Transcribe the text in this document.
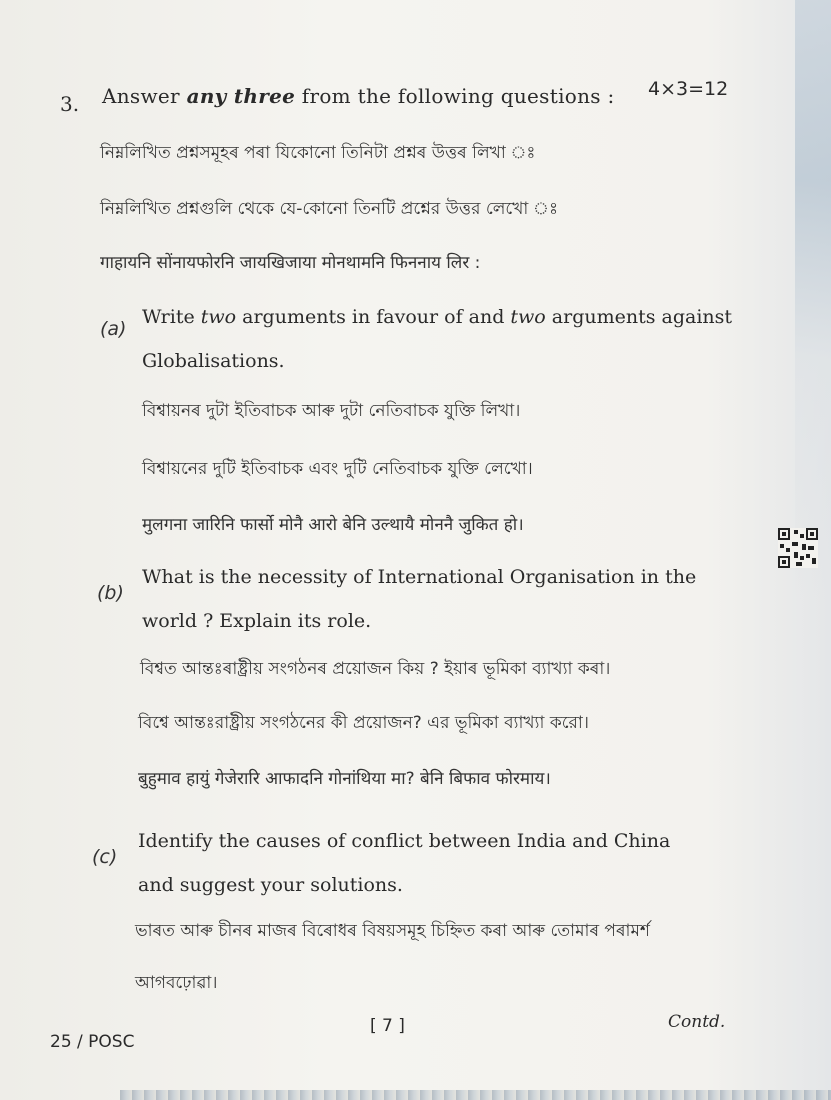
3. Answer any three from the following questions : 4×3=12
নিম্নলিখিত প্ৰশ্নসমূহৰ পৰা যিকোনো তিনিটা প্ৰশ্নৰ উত্তৰ লিখা ঃ
নিম্নলিখিত প্রশ্নগুলি থেকে যে-কোনো তিনটি প্রশ্নের উত্তর লেখো ঃ
गाहायनि सोंनायफोरनि जायखिजाया मोनथामनि फिननाय लिर :
(a)
Write two arguments in favour of and two arguments against
Globalisations.
বিশ্বায়নৰ দুটা ইতিবাচক আৰু দুটা নেতিবাচক যুক্তি লিখা।
বিশ্বায়নের দুটি ইতিবাচক এবং দুটি নেতিবাচক যুক্তি লেখো।
मुलगना जारिनि फार्सो मोनै आरो बेनि उल्थायै मोननै जुकित हो।
(b)
What is the necessity of International Organisation in the
world ? Explain its role.
বিশ্বত আন্তঃৰাষ্ট্ৰীয় সংগঠনৰ প্ৰয়োজন কিয় ? ইয়াৰ ভূমিকা ব্যাখ্যা কৰা।
বিশ্বে আন্তঃরাষ্ট্রীয় সংগঠনের কী প্রয়োজন? এর ভূমিকা ব্যাখ্যা করো।
बुहुमाव हायुं गेजेरारि आफादनि गोनांथिया मा? बेनि बिफाव फोरमाय।
(c)
Identify the causes of conflict between India and China
and suggest your solutions.
ভাৰত আৰু চীনৰ মাজৰ বিৰোধৰ বিষয়সমূহ চিহ্নিত কৰা আৰু তোমাৰ পৰামৰ্শ
আগবঢ়োৱা।
25 / POSC
[ 7 ]	Contd.
